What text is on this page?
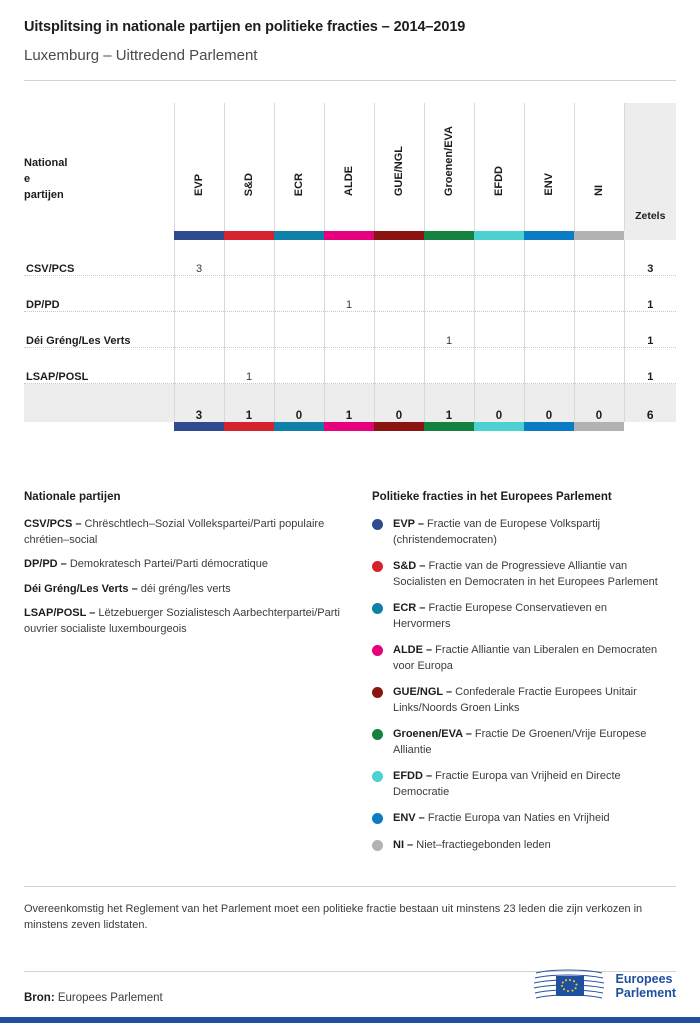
Uitsplitsing in nationale partijen en politieke fracties – 2014–2019
Luxemburg – Uittredend Parlement
National
e
partijen	EVP	S&D	ECR	ALDE	GUE/NGL	Groenen/EVA	EFDD	ENV	NI	Zetels

CSV/PCS	3									3
DP/PD				1						1
Déi Gréng/Les Verts						1				1
LSAP/POSL		1								1
	3	1	0	1	0	1	0	0	0	6

Nationale partijen
CSV/PCS – Chrëschtlech–Sozial Vollekspartei/Parti populaire chrétien–social
DP/PD – Demokratesch Partei/Parti démocratique
Déi Gréng/Les Verts – déi gréng/les verts
LSAP/POSL – Lëtzebuerger Sozialistesch Aarbechterpartei/Parti ouvrier socialiste luxembourgeois
Politieke fracties in het Europees Parlement
EVP – Fractie van de Europese Volkspartij (christendemocraten)
S&D – Fractie van de Progressieve Alliantie van Socialisten en Democraten in het Europees Parlement
ECR – Fractie Europese Conservatieven en Hervormers
ALDE – Fractie Alliantie van Liberalen en Democraten voor Europa
GUE/NGL – Confederale Fractie Europees Unitair Links/Noords Groen Links
Groenen/EVA – Fractie De Groenen/Vrije Europese Alliantie
EFDD – Fractie Europa van Vrijheid en Directe Democratie
ENV – Fractie Europa van Naties en Vrijheid
NI – Niet–fractiegebonden leden
Overeenkomstig het Reglement van het Parlement moet een politieke fractie bestaan uit minstens 23 leden die zijn verkozen in minstens zeven lidstaten.
Bron: Europees Parlement
Europees
Parlement
